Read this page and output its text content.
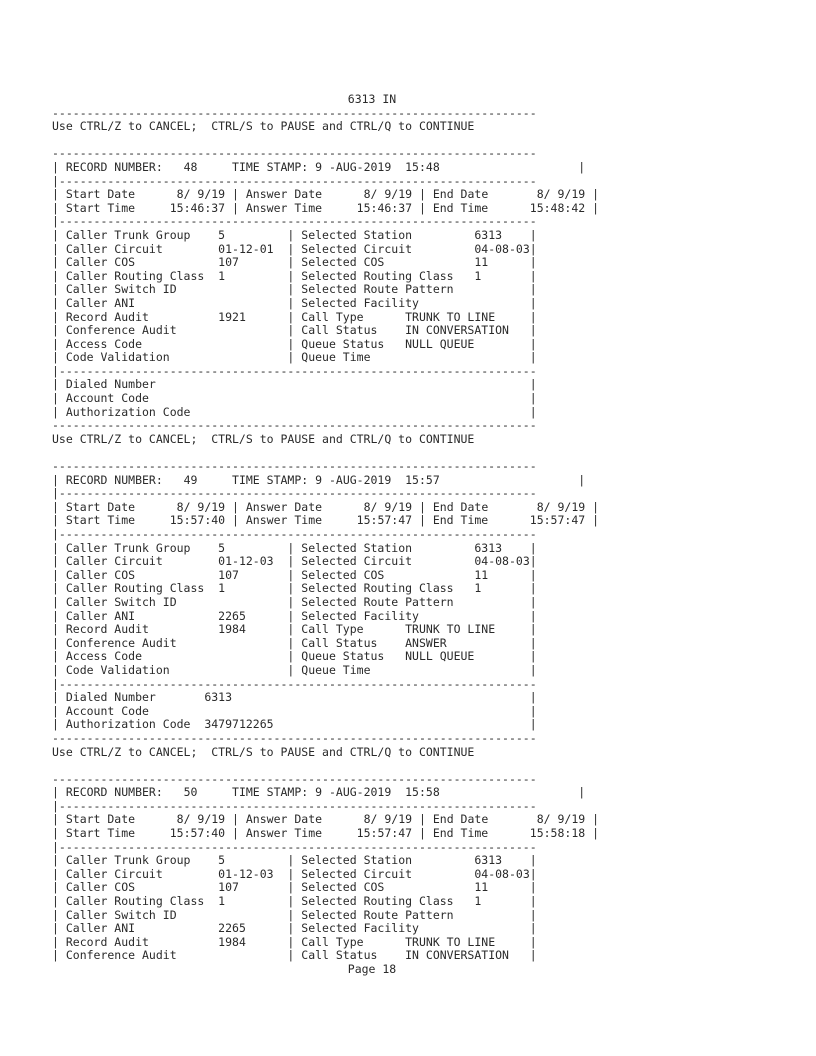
6313 IN
----------------------------------------------------------------------
Use CTRL/Z to CANCEL;  CTRL/S to PAUSE and CTRL/Q to CONTINUE
----------------------------------------------------------------------
| RECORD NUMBER:   48     TIME STAMP: 9 -AUG-2019  15:48	|
|---------------------------------------------------------------------
| Start Date      8/ 9/19 | Answer Date      8/ 9/19 | End Date       8/ 9/19 |
| Start Time     15:46:37 | Answer Time     15:46:37 | End Time      15:48:42 |
|---------------------------------------------------------------------
| Caller Trunk Group    5	| Selected Station         6313 |
| Caller Circuit        01-12-01 | Selected Circuit         04-08-03|
| Caller COS            107	| Selected COS             11	|
| Caller Routing Class  1	| Selected Routing Class   1	|
| Caller Switch ID	| Selected Route Pattern	|
| Caller ANI	| Selected Facility	|
| Record Audit          1921	| Call Type      TRUNK TO LINE	|
| Conference Audit	| Call Status    IN CONVERSATION |
| Access Code	| Queue Status   NULL QUEUE	|
| Code Validation	| Queue Time	|
|---------------------------------------------------------------------
| Dialed Number	|
| Account Code	|
| Authorization Code	|
----------------------------------------------------------------------
Use CTRL/Z to CANCEL;  CTRL/S to PAUSE and CTRL/Q to CONTINUE
----------------------------------------------------------------------
| RECORD NUMBER:   49     TIME STAMP: 9 -AUG-2019  15:57	|
|---------------------------------------------------------------------
| Start Date      8/ 9/19 | Answer Date      8/ 9/19 | End Date       8/ 9/19 |
| Start Time     15:57:40 | Answer Time     15:57:47 | End Time      15:57:47 |
|---------------------------------------------------------------------
| Caller Trunk Group    5	| Selected Station         6313 |
| Caller Circuit        01-12-03 | Selected Circuit         04-08-03|
| Caller COS            107	| Selected COS             11	|
| Caller Routing Class  1	| Selected Routing Class   1	|
| Caller Switch ID	| Selected Route Pattern	|
| Caller ANI            2265	| Selected Facility	|
| Record Audit          1984	| Call Type      TRUNK TO LINE	|
| Conference Audit	| Call Status    ANSWER	|
| Access Code	| Queue Status   NULL QUEUE	|
| Code Validation	| Queue Time	|
|---------------------------------------------------------------------
| Dialed Number       6313	|
| Account Code	|
| Authorization Code  3479712265	|
----------------------------------------------------------------------
Use CTRL/Z to CANCEL;  CTRL/S to PAUSE and CTRL/Q to CONTINUE
----------------------------------------------------------------------
| RECORD NUMBER:   50     TIME STAMP: 9 -AUG-2019  15:58	|
|---------------------------------------------------------------------
| Start Date      8/ 9/19 | Answer Date      8/ 9/19 | End Date       8/ 9/19 |
| Start Time     15:57:40 | Answer Time     15:57:47 | End Time      15:58:18 |
|---------------------------------------------------------------------
| Caller Trunk Group    5	| Selected Station         6313 |
| Caller Circuit        01-12-03 | Selected Circuit         04-08-03|
| Caller COS            107	| Selected COS             11	|
| Caller Routing Class  1	| Selected Routing Class   1	|
| Caller Switch ID	| Selected Route Pattern	|
| Caller ANI            2265	| Selected Facility	|
| Record Audit          1984	| Call Type      TRUNK TO LINE	|
| Conference Audit	| Call Status    IN CONVERSATION |
Page 18
